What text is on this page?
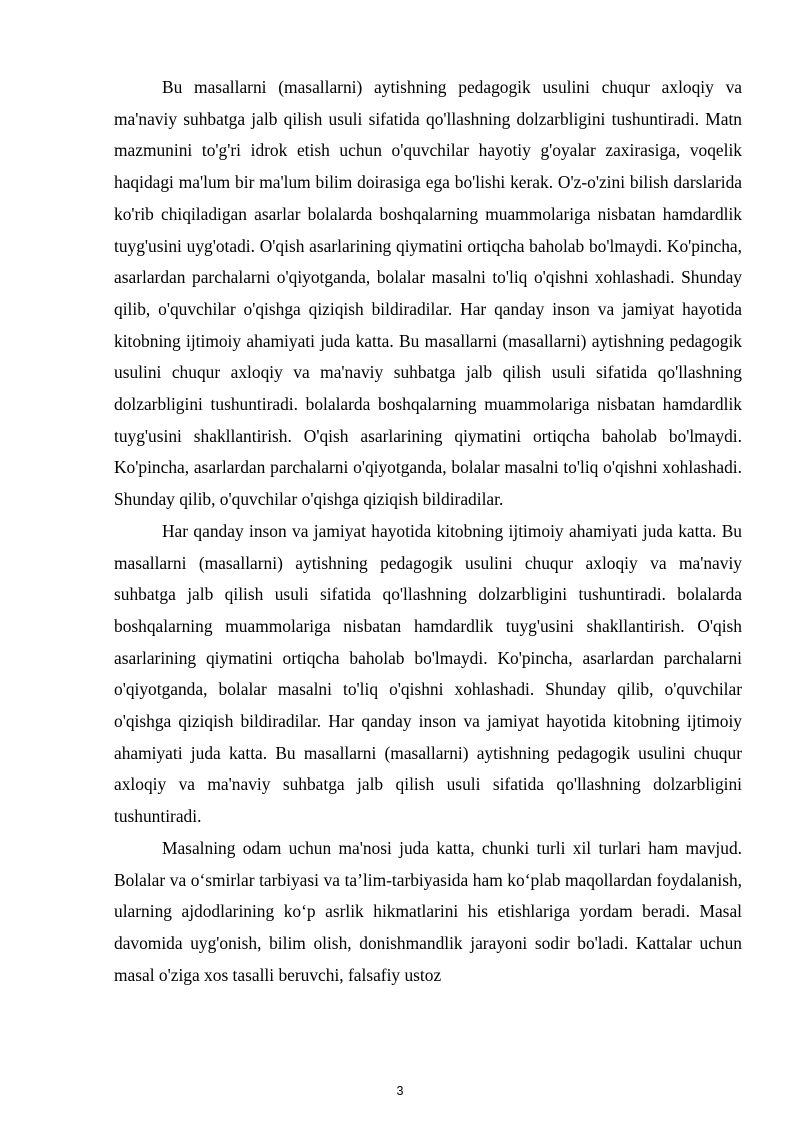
Bu masallarni (masallarni) aytishning pedagogik usulini chuqur axloqiy va ma'naviy suhbatga jalb qilish usuli sifatida qo'llashning dolzarbligini tushuntiradi. Matn mazmunini to'g'ri idrok etish uchun o'quvchilar hayotiy g'oyalar zaxirasiga, voqelik haqidagi ma'lum bir ma'lum bilim doirasiga ega bo'lishi kerak. O'z-o'zini bilish darslarida ko'rib chiqiladigan asarlar bolalarda boshqalarning muammolariga nisbatan hamdardlik tuyg'usini uyg'otadi. O'qish asarlarining qiymatini ortiqcha baholab bo'lmaydi. Ko'pincha, asarlardan parchalarni o'qiyotganda, bolalar masalni to'liq o'qishni xohlashadi. Shunday qilib, o'quvchilar o'qishga qiziqish bildiradilar. Har qanday inson va jamiyat hayotida kitobning ijtimoiy ahamiyati juda katta. Bu masallarni (masallarni) aytishning pedagogik usulini chuqur axloqiy va ma'naviy suhbatga jalb qilish usuli sifatida qo'llashning dolzarbligini tushuntiradi. bolalarda boshqalarning muammolariga nisbatan hamdardlik tuyg'usini shakllantirish. O'qish asarlarining qiymatini ortiqcha baholab bo'lmaydi. Ko'pincha, asarlardan parchalarni o'qiyotganda, bolalar masalni to'liq o'qishni xohlashadi. Shunday qilib, o'quvchilar o'qishga qiziqish bildiradilar.

Har qanday inson va jamiyat hayotida kitobning ijtimoiy ahamiyati juda katta. Bu masallarni (masallarni) aytishning pedagogik usulini chuqur axloqiy va ma'naviy suhbatga jalb qilish usuli sifatida qo'llashning dolzarbligini tushuntiradi. bolalarda boshqalarning muammolariga nisbatan hamdardlik tuyg'usini shakllantirish. O'qish asarlarining qiymatini ortiqcha baholab bo'lmaydi. Ko'pincha, asarlardan parchalarni o'qiyotganda, bolalar masalni to'liq o'qishni xohlashadi. Shunday qilib, o'quvchilar o'qishga qiziqish bildiradilar. Har qanday inson va jamiyat hayotida kitobning ijtimoiy ahamiyati juda katta. Bu masallarni (masallarni) aytishning pedagogik usulini chuqur axloqiy va ma'naviy suhbatga jalb qilish usuli sifatida qo'llashning dolzarbligini tushuntiradi.

Masalning odam uchun ma'nosi juda katta, chunki turli xil turlari ham mavjud. Bolalar va o‘smirlar tarbiyasi va ta’lim-tarbiyasida ham ko‘plab maqollardan foydalanish, ularning ajdodlarining ko‘p asrlik hikmatlarini his etishlariga yordam beradi. Masal davomida uyg'onish, bilim olish, donishmandlik jarayoni sodir bo'ladi. Kattalar uchun masal o'ziga xos tasalli beruvchi, falsafiy ustoz

3
